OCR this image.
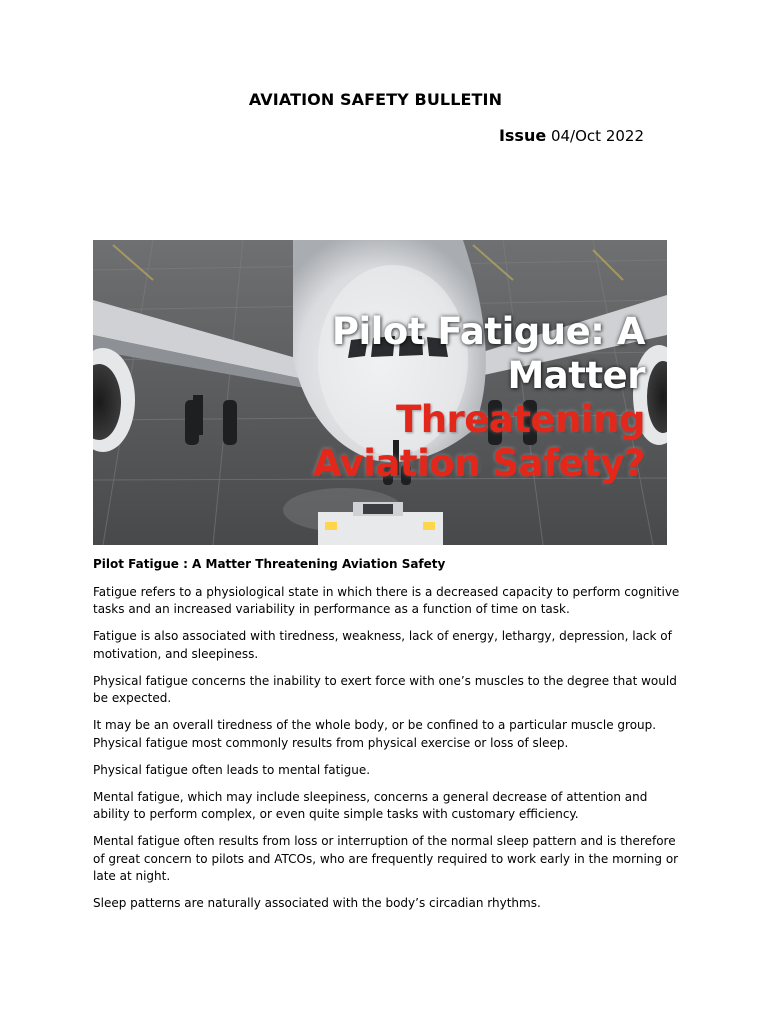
AVIATION SAFETY BULLETIN
Issue 04/Oct 2022
Pilot Fatigue: A
Matter
Threatening
Aviation Safety?

Pilot Fatigue : A Matter Threatening Aviation Safety

Fatigue refers to a physiological state in which there is a decreased capacity to perform cognitive tasks and an increased variability in performance as a function of time on task.

Fatigue is also associated with tiredness, weakness, lack of energy, lethargy, depression, lack of motivation, and sleepiness.

Physical fatigue concerns the inability to exert force with one’s muscles to the degree that would be expected.

It may be an overall tiredness of the whole body, or be confined to a particular muscle group. Physical fatigue most commonly results from physical exercise or loss of sleep.

Physical fatigue often leads to mental fatigue.

Mental fatigue, which may include sleepiness, concerns a general decrease of attention and ability to perform complex, or even quite simple tasks with customary efficiency.

Mental fatigue often results from loss or interruption of the normal sleep pattern and is therefore of great concern to pilots and ATCOs, who are frequently required to work early in the morning or late at night.

Sleep patterns are naturally associated with the body’s circadian rhythms.
